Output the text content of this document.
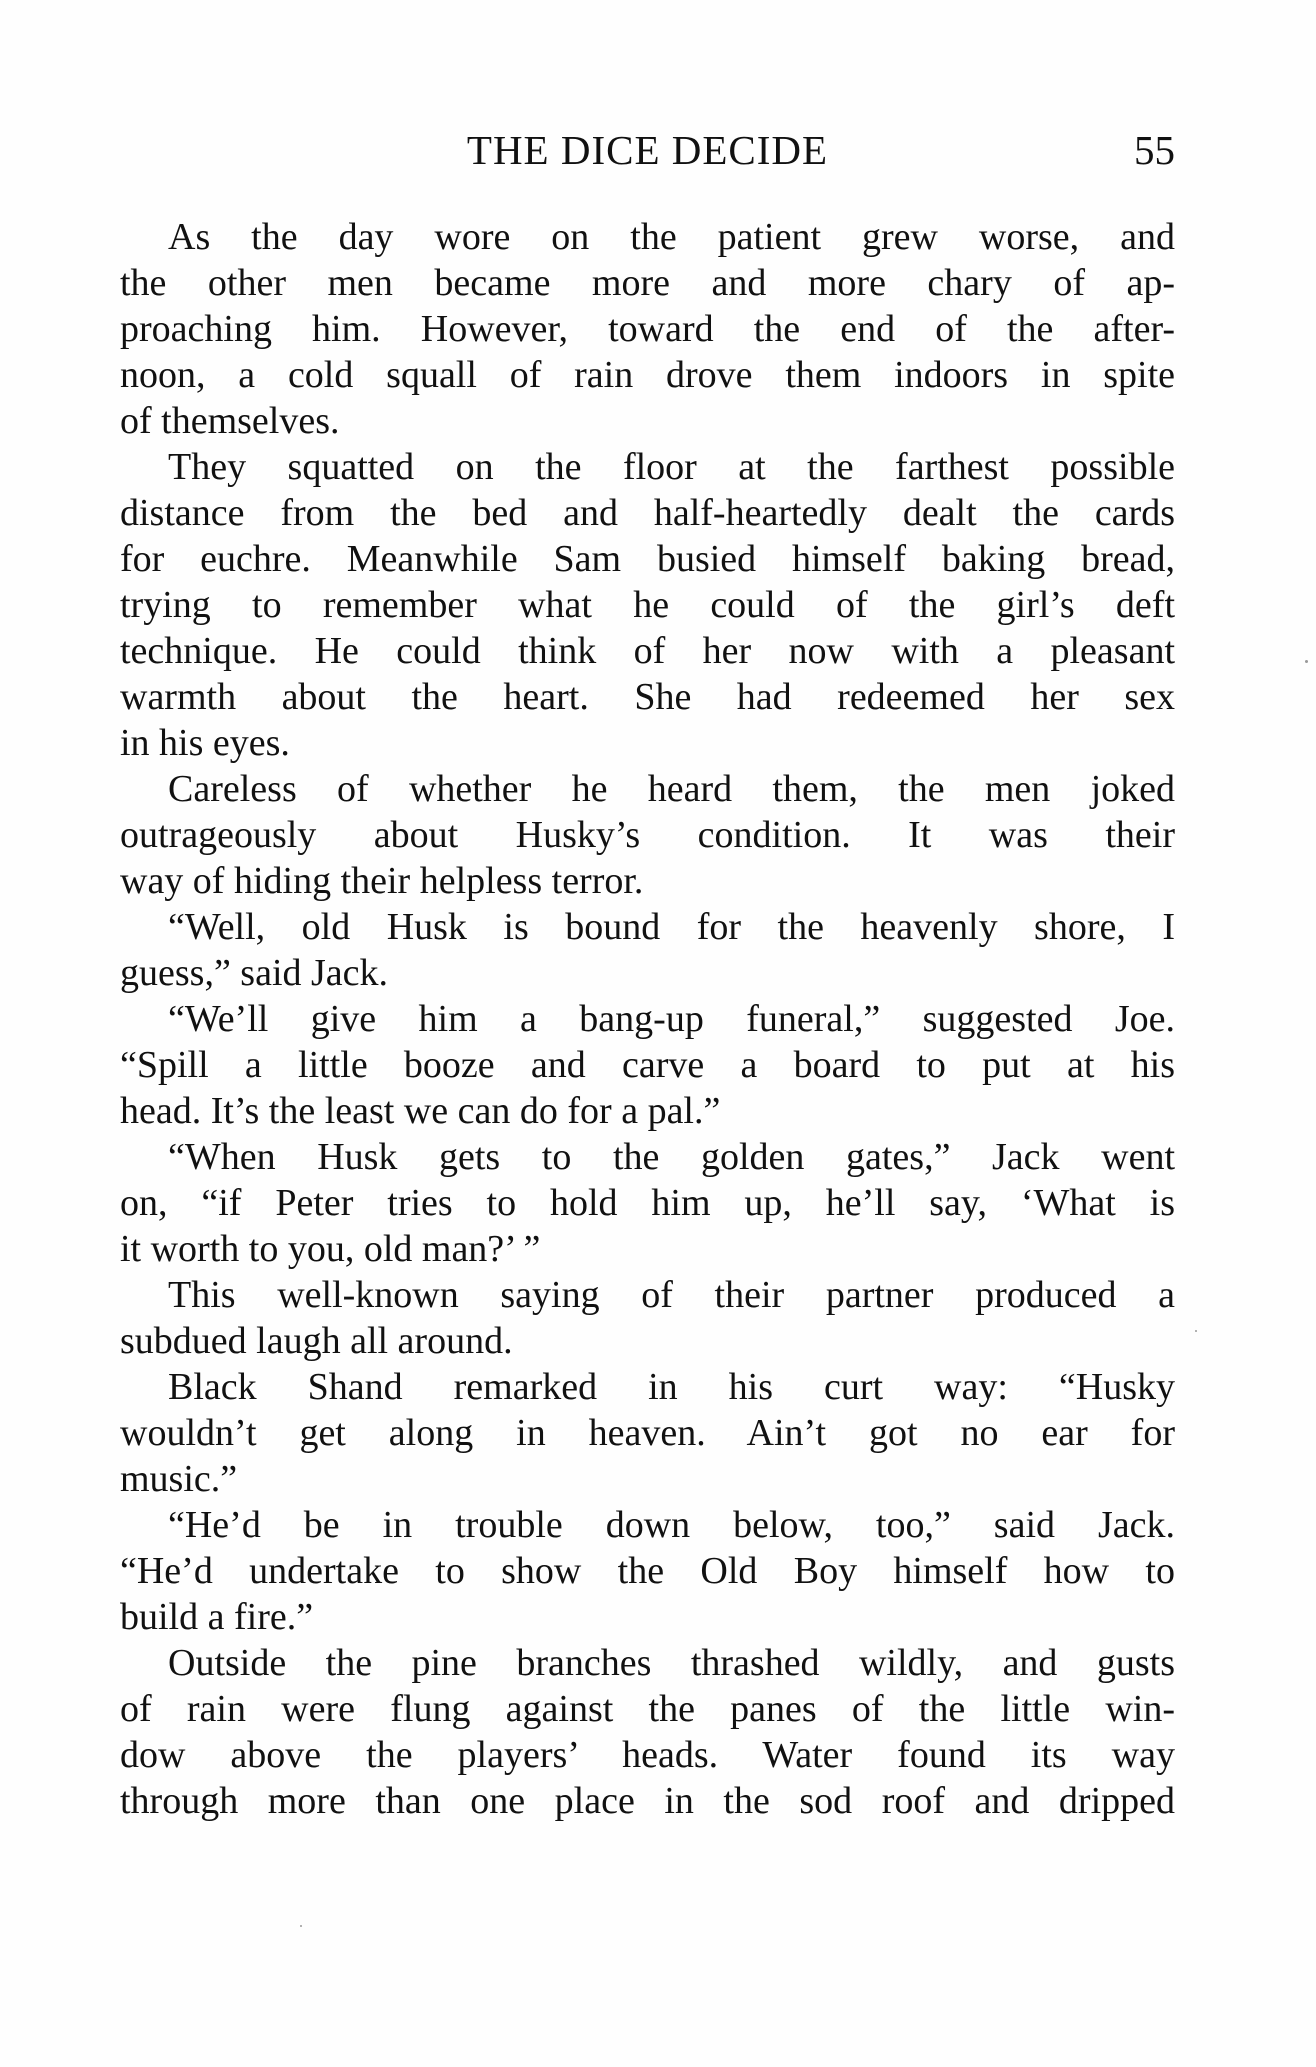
THE DICE DECIDE	55

As the day wore on the patient grew worse, and
the other men became more and more chary of ap-
proaching him. However, toward the end of the after-
noon, a cold squall of rain drove them indoors in spite
of themselves.

They squatted on the floor at the farthest possible
distance from the bed and half-heartedly dealt the cards
for euchre. Meanwhile Sam busied himself baking bread,
trying to remember what he could of the girl’s deft
technique. He could think of her now with a pleasant
warmth about the heart. She had redeemed her sex
in his eyes.

Careless of whether he heard them, the men joked
outrageously about Husky’s condition. It was their
way of hiding their helpless terror.

“Well, old Husk is bound for the heavenly shore, I
guess,” said Jack.

“We’ll give him a bang-up funeral,” suggested Joe.
“Spill a little booze and carve a board to put at his
head. It’s the least we can do for a pal.”

“When Husk gets to the golden gates,” Jack went
on, “if Peter tries to hold him up, he’ll say, ‘What is
it worth to you, old man?’ ”

This well-known saying of their partner produced a
subdued laugh all around.

Black Shand remarked in his curt way: “Husky
wouldn’t get along in heaven. Ain’t got no ear for
music.”

“He’d be in trouble down below, too,” said Jack.
“He’d undertake to show the Old Boy himself how to
build a fire.”

Outside the pine branches thrashed wildly, and gusts
of rain were flung against the panes of the little win-
dow above the players’ heads. Water found its way
through more than one place in the sod roof and dripped
